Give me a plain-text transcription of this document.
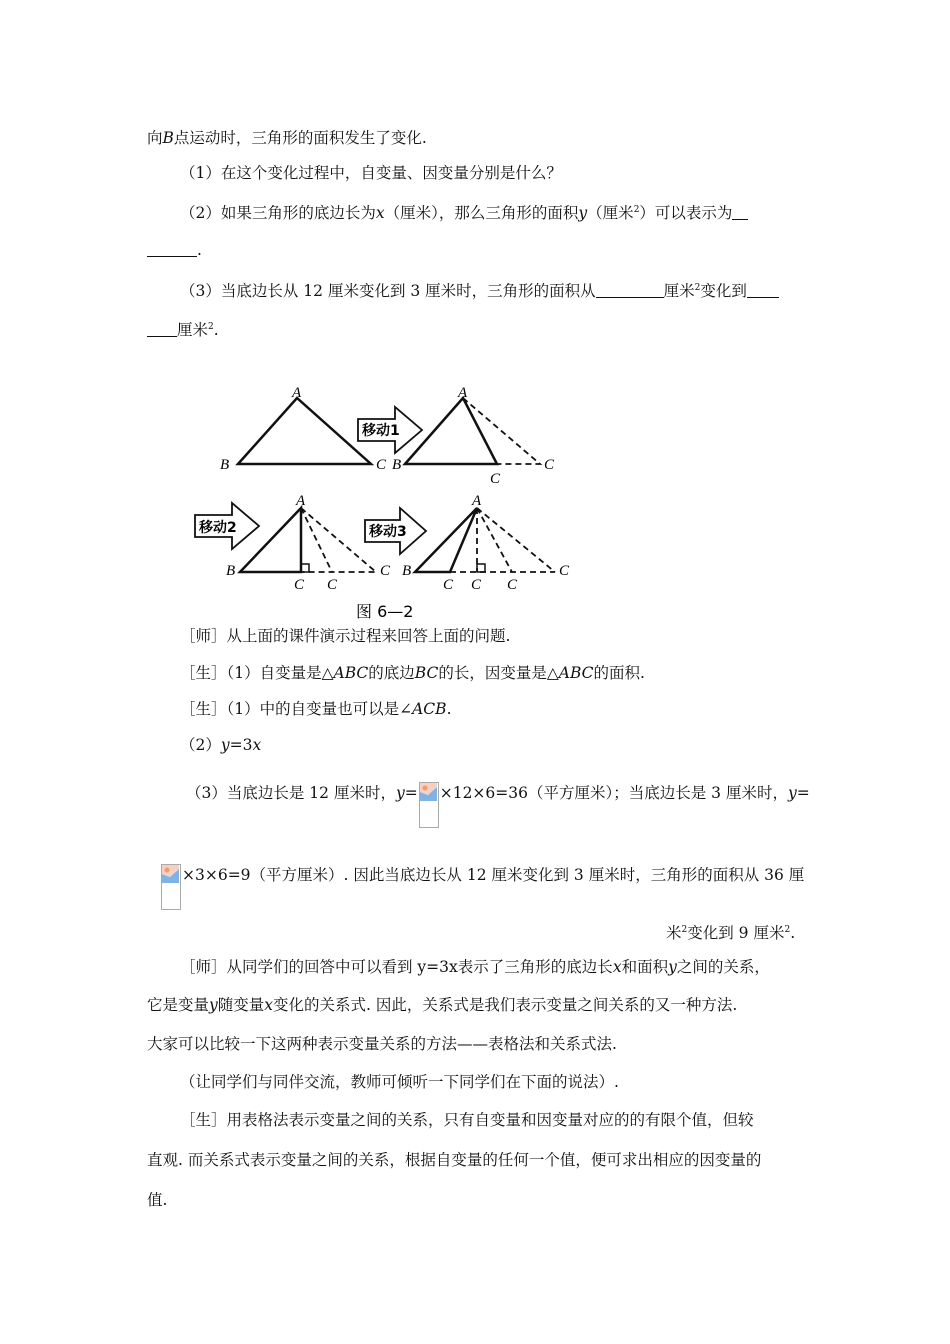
向B点运动时，三角形的面积发生了变化.
（1）在这个变化过程中，自变量、因变量分别是什么？
（2）如果三角形的底边长为x（厘米），那么三角形的面积y（厘米$^2$）可以表示为
.
（3）当底边长从 12 厘米变化到 3 厘米时，三角形的面积从	厘米$^2$变化到
厘米$^2$.
A
B	C
移动1
A
B
C
C
移动2
A
B
C C
C
移动3
A
B
C C C
C
图 6—2
［师］从上面的课件演示过程来回答上面的问题.
［生］（1）自变量是△ABC的底边BC的长，因变量是△ABC的面积.
［生］（1）中的自变量也可以是∠ACB.
（2）y=3x
（3）当底边长是 12 厘米时，y= ×12×6=36（平方厘米）；当底边长是 3 厘米时，y=
×3×6=9（平方厘米）. 因此当底边长从 12 厘米变化到 3 厘米时，三角形的面积从 36 厘
米$^2$变化到 9 厘米$^2$.
［师］从同学们的回答中可以看到 y=3x表示了三角形的底边长x和面积y之间的关系，
它是变量y随变量x变化的关系式. 因此，关系式是我们表示变量之间关系的又一种方法.
大家可以比较一下这两种表示变量关系的方法——表格法和关系式法.
（让同学们与同伴交流，教师可倾听一下同学们在下面的说法）.
［生］用表格法表示变量之间的关系，只有自变量和因变量对应的的有限个值，但较
直观. 而关系式表示变量之间的关系，根据自变量的任何一个值，便可求出相应的因变量的
值.
